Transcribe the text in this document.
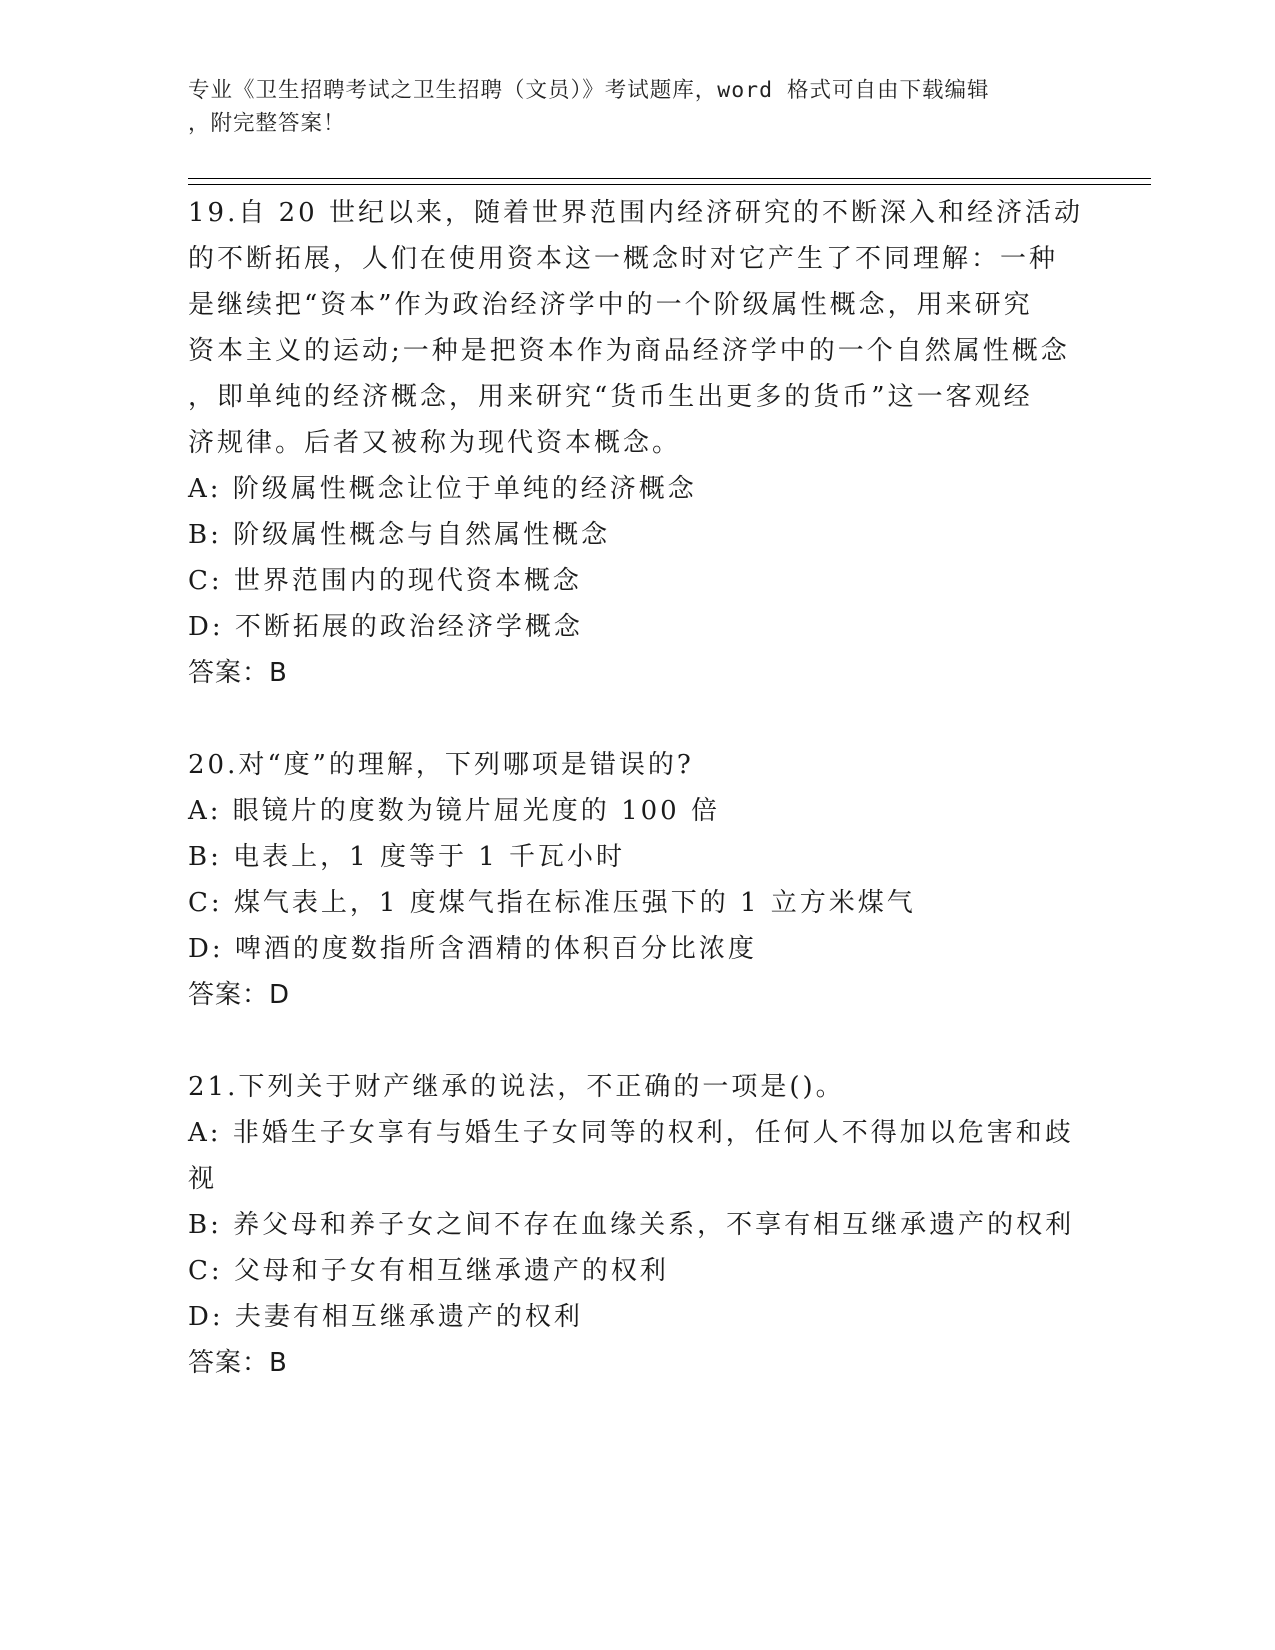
专业《卫生招聘考试之卫生招聘（文员）》考试题库，word 格式可自由下载编辑
，附完整答案！
19.自 20 世纪以来，随着世界范围内经济研究的不断深入和经济活动
的不断拓展，人们在使用资本这一概念时对它产生了不同理解：一种
是继续把“资本”作为政治经济学中的一个阶级属性概念，用来研究
资本主义的运动;一种是把资本作为商品经济学中的一个自然属性概念
，即单纯的经济概念，用来研究“货币生出更多的货币”这一客观经
济规律。后者又被称为现代资本概念。
A: 阶级属性概念让位于单纯的经济概念
B: 阶级属性概念与自然属性概念
C: 世界范围内的现代资本概念
D: 不断拓展的政治经济学概念
答案：B
20.对“度”的理解，下列哪项是错误的?
A: 眼镜片的度数为镜片屈光度的 100 倍
B: 电表上，1 度等于 1 千瓦小时
C: 煤气表上，1 度煤气指在标准压强下的 1 立方米煤气
D: 啤酒的度数指所含酒精的体积百分比浓度
答案：D
21.下列关于财产继承的说法，不正确的一项是()。
A: 非婚生子女享有与婚生子女同等的权利，任何人不得加以危害和歧
视
B: 养父母和养子女之间不存在血缘关系，不享有相互继承遗产的权利
C: 父母和子女有相互继承遗产的权利
D: 夫妻有相互继承遗产的权利
答案：B
